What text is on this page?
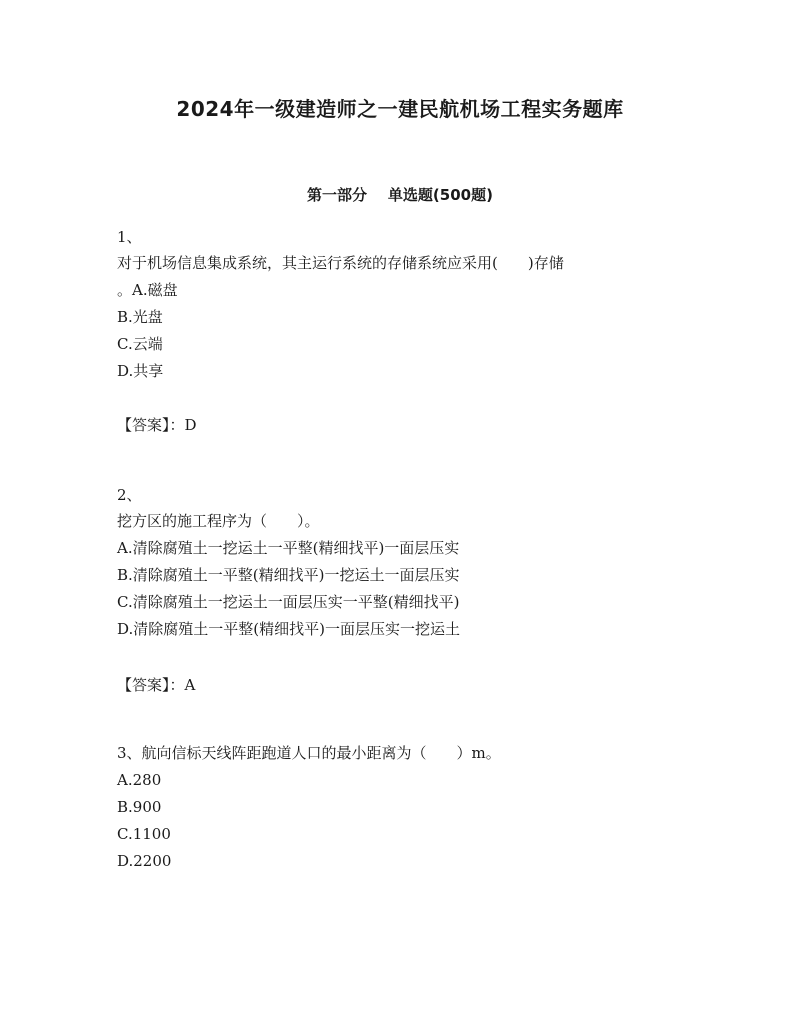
2024年一级建造师之一建民航机场工程实务题库
第一部分    单选题(500题)
1、
对于机场信息集成系统，其主运行系统的存储系统应采用(　　)存储
。A.磁盘
B.光盘
C.云端
D.共享
【答案】：D
2、
挖方区的施工程序为（　　）。
A.清除腐殖土一挖运土一平整(精细找平)一面层压实
B.清除腐殖土一平整(精细找平)一挖运土一面层压实
C.清除腐殖土一挖运土一面层压实一平整(精细找平)
D.清除腐殖土一平整(精细找平)一面层压实一挖运土
【答案】：A
3、航向信标天线阵距跑道人口的最小距离为（　　）m。
A.280
B.900
C.1100
D.2200
